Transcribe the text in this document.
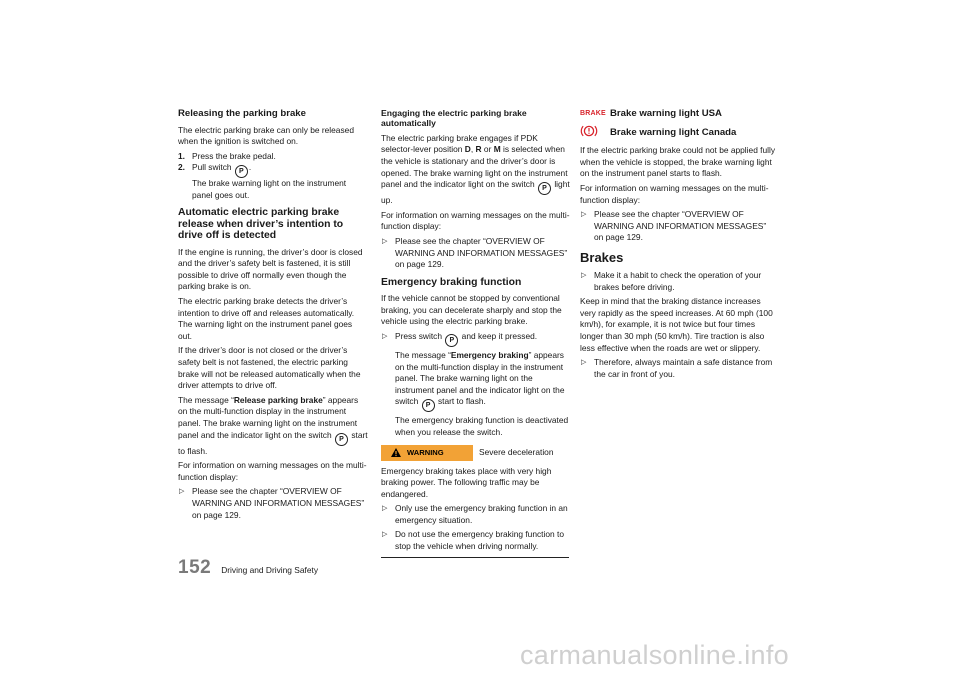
Releasing the parking brake

The electric parking brake can only be released when the ignition is switched on.

1. Press the brake pedal.

2. Pull switch P .

The brake warning light on the instrument panel goes out.

Automatic electric parking brake release when driver’s intention to drive off is detected

If the engine is running, the driver’s door is closed and the driver’s safety belt is fastened, it is still possible to drive off normally even though the parking brake is on.

The electric parking brake detects the driver’s intention to drive off and releases automatically. The warning light on the instrument panel goes out.

If the driver’s door is not closed or the driver’s safety belt is not fastened, the electric parking brake will not be released automatically when the driver attempts to drive off.

The message “Release parking brake” appears on the multi-function display in the instrument panel. The brake warning light on the instrument panel and the indicator light on the switch P start to flash.

For information on warning messages on the multi-function display:

▷ Please see the chapter “OVERVIEW OF WARNING AND INFORMATION MESSAGES” on page 129.

Engaging the electric parking brake automatically

The electric parking brake engages if PDK selector-lever position D, R or M is selected when the vehicle is stationary and the driver’s door is opened. The brake warning light on the instrument panel and the indicator light on the switch P light up.

For information on warning messages on the multi-function display:

▷ Please see the chapter “OVERVIEW OF WARNING AND INFORMATION MESSAGES” on page 129.

Emergency braking function

If the vehicle cannot be stopped by conventional braking, you can decelerate sharply and stop the vehicle using the electric parking brake.

▷ Press switch P and keep it pressed.

The message “Emergency braking” appears on the multi-function display in the instrument panel. The brake warning light on the instrument panel and the indicator light on the switch P start to flash.

The emergency braking function is deactivated when you release the switch.

WARNING	Severe deceleration

Emergency braking takes place with very high braking power. The following traffic may be endangered.

▷ Only use the emergency braking function in an emergency situation.

▷ Do not use the emergency braking function to stop the vehicle when driving normally.

BRAKE Brake warning light USA
Brake warning light Canada

If the electric parking brake could not be applied fully when the vehicle is stopped, the brake warning light on the instrument panel starts to flash.

For information on warning messages on the multi-function display:

▷ Please see the chapter “OVERVIEW OF WARNING AND INFORMATION MESSAGES” on page 129.

Brakes

▷ Make it a habit to check the operation of your brakes before driving.

Keep in mind that the braking distance increases very rapidly as the speed increases. At 60 mph (100 km/h), for example, it is not twice but four times longer than 30 mph (50 km/h). Tire traction is also less effective when the roads are wet or slippery.

▷ Therefore, always maintain a safe distance from the car in front of you.

152 Driving and Driving Safety
carmanualsonline.info
